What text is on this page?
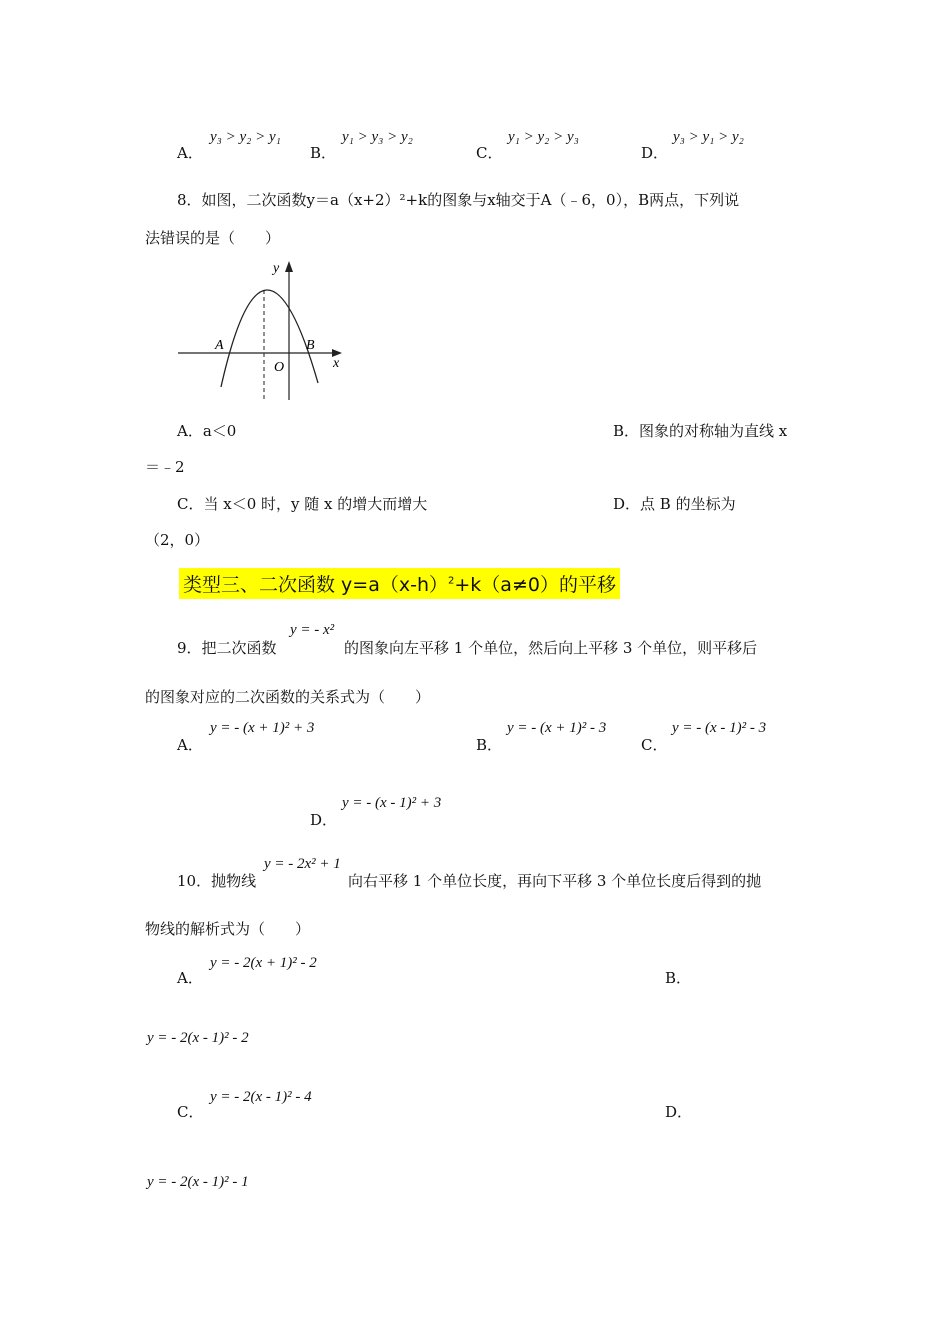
A．
y₃ > y₂ > y₁
B．
y₁ > y₃ > y₂
C．
y₁ > y₂ > y₃
D．
y₃ > y₁ > y₂
8．如图，二次函数y＝a（x+2）²+k的图象与x轴交于A（﹣6，0），B两点，下列说
法错误的是（　　）
y
x
A	B
O
A．a＜0	B．图象的对称轴为直线 x
＝﹣2
C．当 x＜0 时，y 随 x 的增大而增大	D．点 B 的坐标为
（2，0）
类型三、二次函数 $y=a(x-h)^2+k(a\ne 0)$的平移
9．把二次函数
y = - x²
的图象向左平移 1 个单位，然后向上平移 3 个单位，则平移后
的图象对应的二次函数的关系式为（　　）
A．
y = - (x + 1)² + 3
B．
y = - (x + 1)² - 3
C．
y = - (x - 1)² - 3
D．
y = - (x - 1)² + 3
10．抛物线
y = - 2x² + 1
向右平移 1 个单位长度，再向下平移 3 个单位长度后得到的抛
物线的解析式为（　　）
A．
y = - 2(x + 1)² - 2
B．
y = - 2(x - 1)² - 2
C．
y = - 2(x - 1)² - 4
D．
y = - 2(x - 1)² - 1
